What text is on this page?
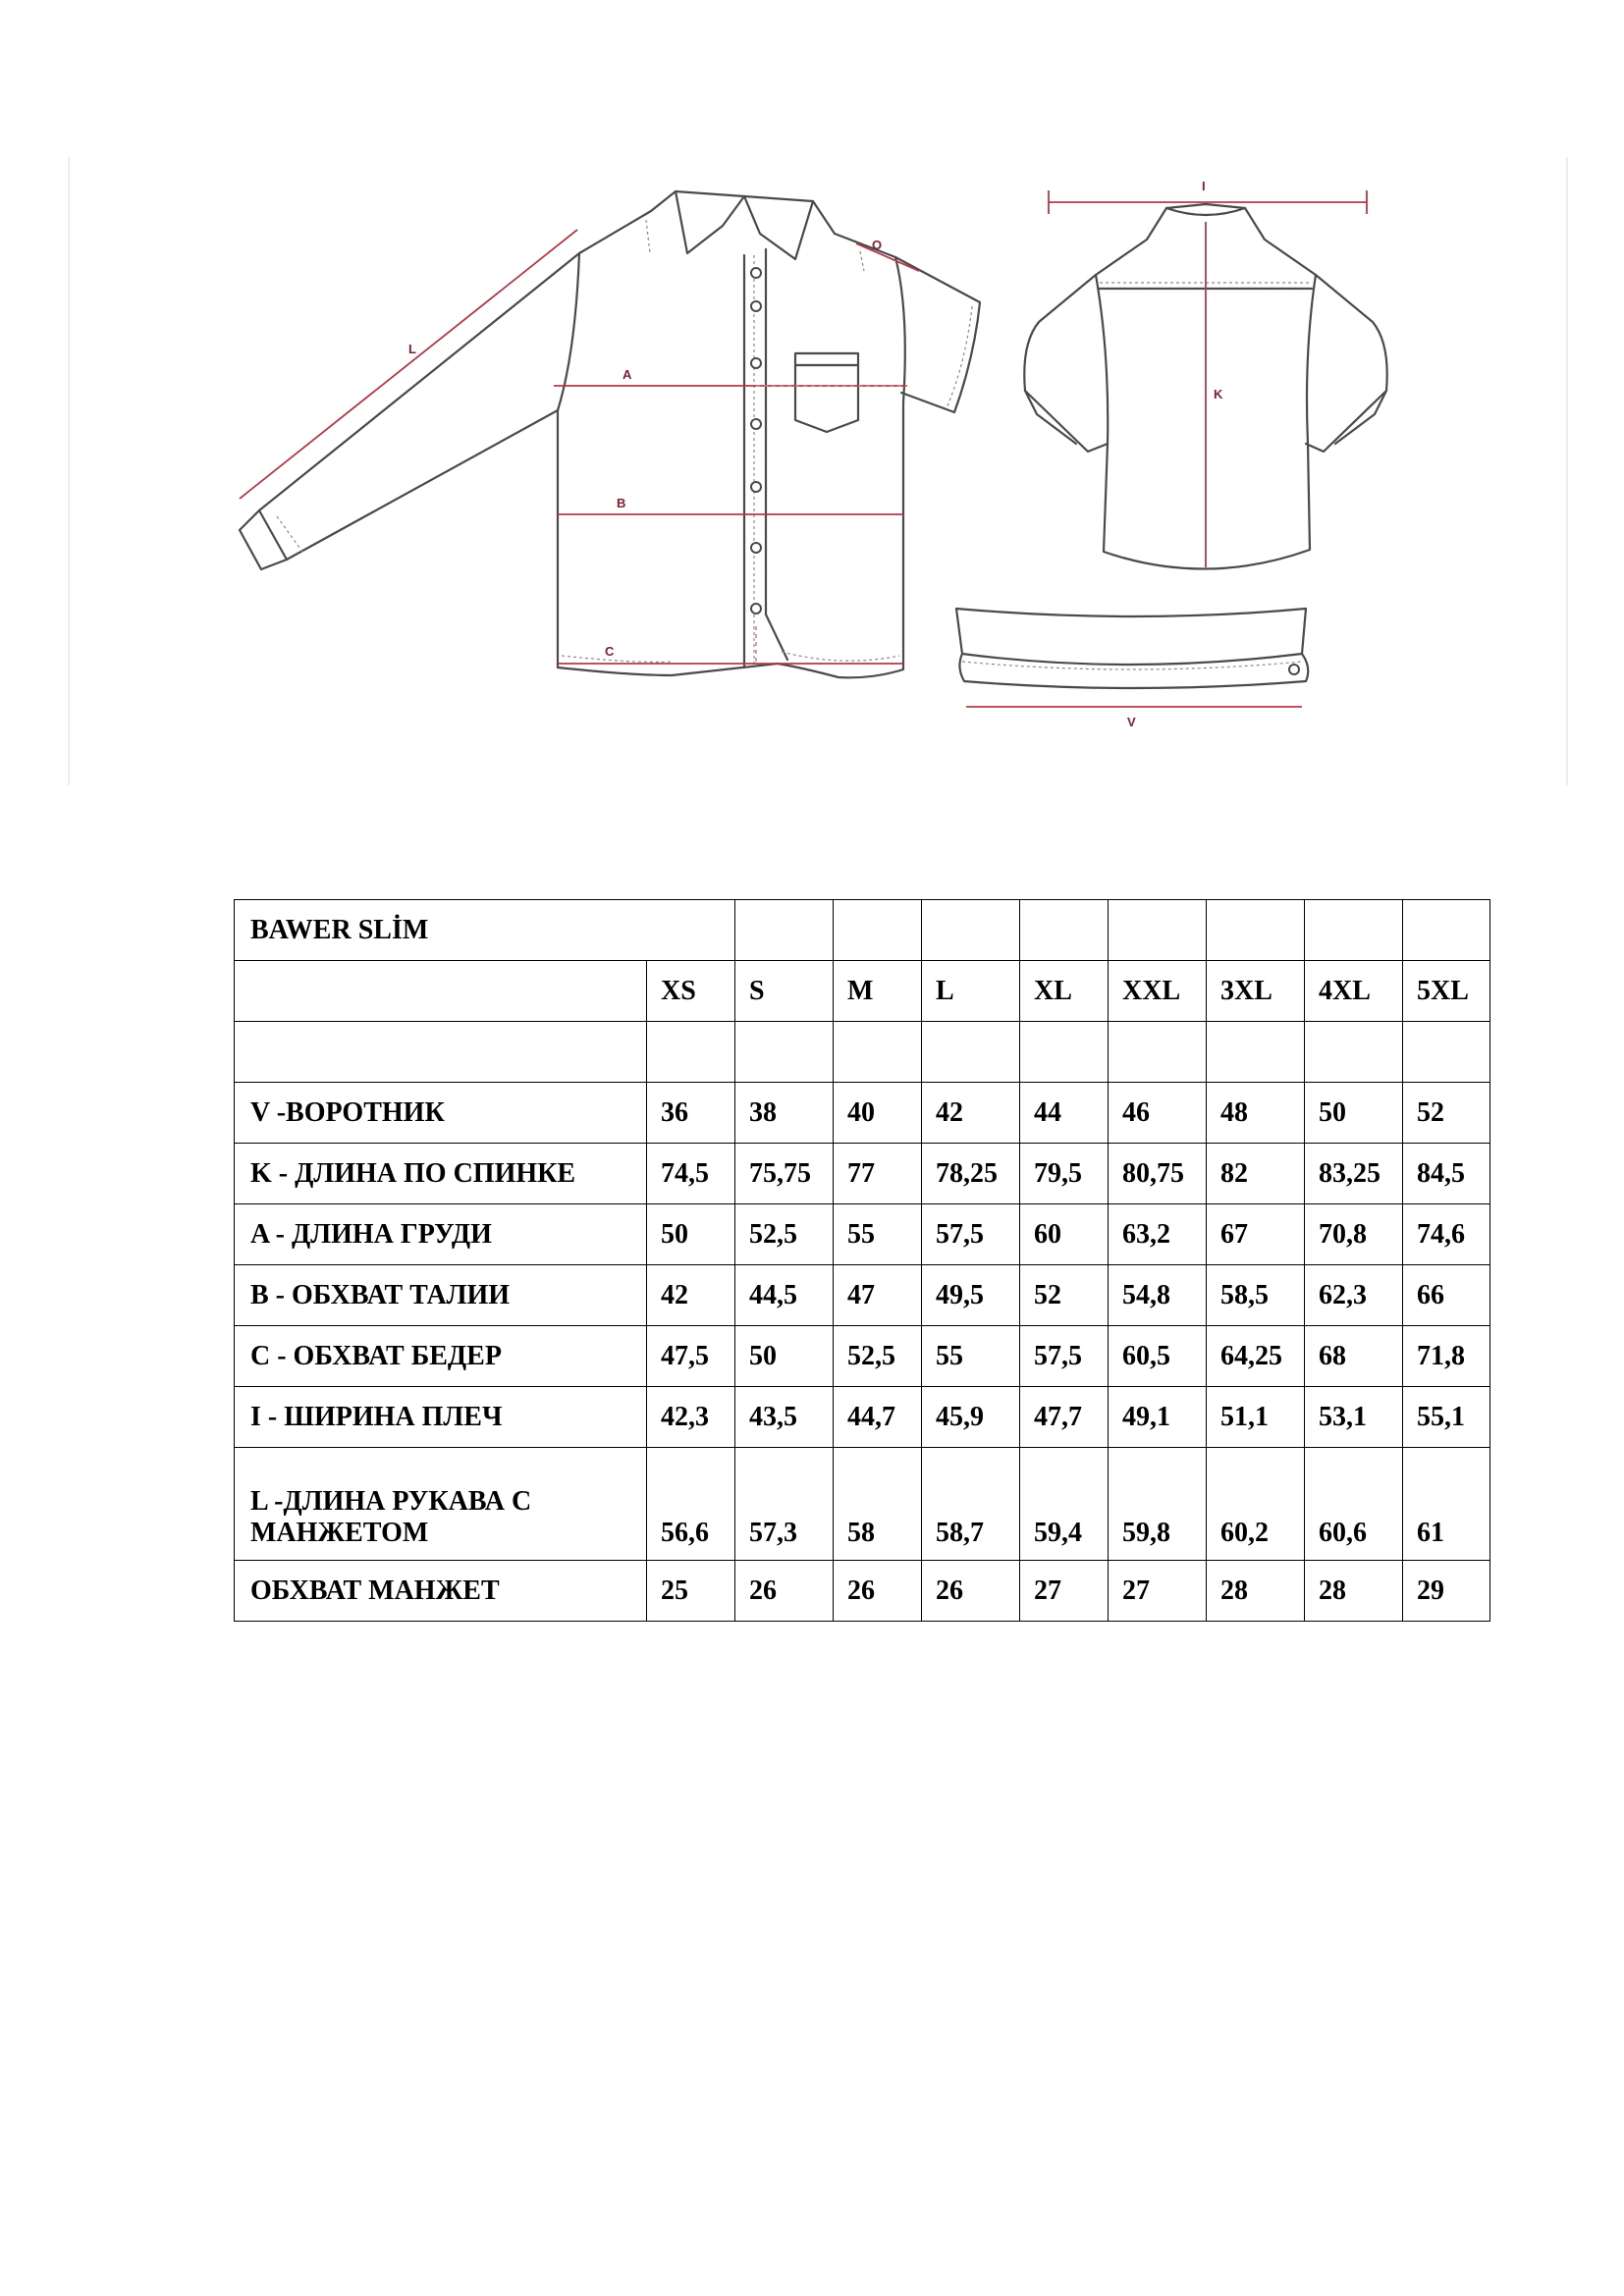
L
O
A
B
C
I
K
V
BAWER SLİM									
	XS	S	M	L	XL	XXL	3XL	4XL	5XL

V -ВОРОТНИК	36	38	40	42	44	46	48	50	52
K - ДЛИНА ПО СПИНКЕ	74,5	75,75	77	78,25	79,5	80,75	82	83,25	84,5
A - ДЛИНА ГРУДИ	50	52,5	55	57,5	60	63,2	67	70,8	74,6
B - ОБХВАТ ТАЛИИ	42	44,5	47	49,5	52	54,8	58,5	62,3	66
C - ОБХВАТ БЕДЕР	47,5	50	52,5	55	57,5	60,5	64,25	68	71,8
I - ШИРИНА ПЛЕЧ	42,3	43,5	44,7	45,9	47,7	49,1	51,1	53,1	55,1
L -ДЛИНА РУКАВА С МАНЖЕТОМ	56,6	57,3	58	58,7	59,4	59,8	60,2	60,6	61
ОБХВАТ МАНЖЕТ	25	26	26	26	27	27	28	28	29
